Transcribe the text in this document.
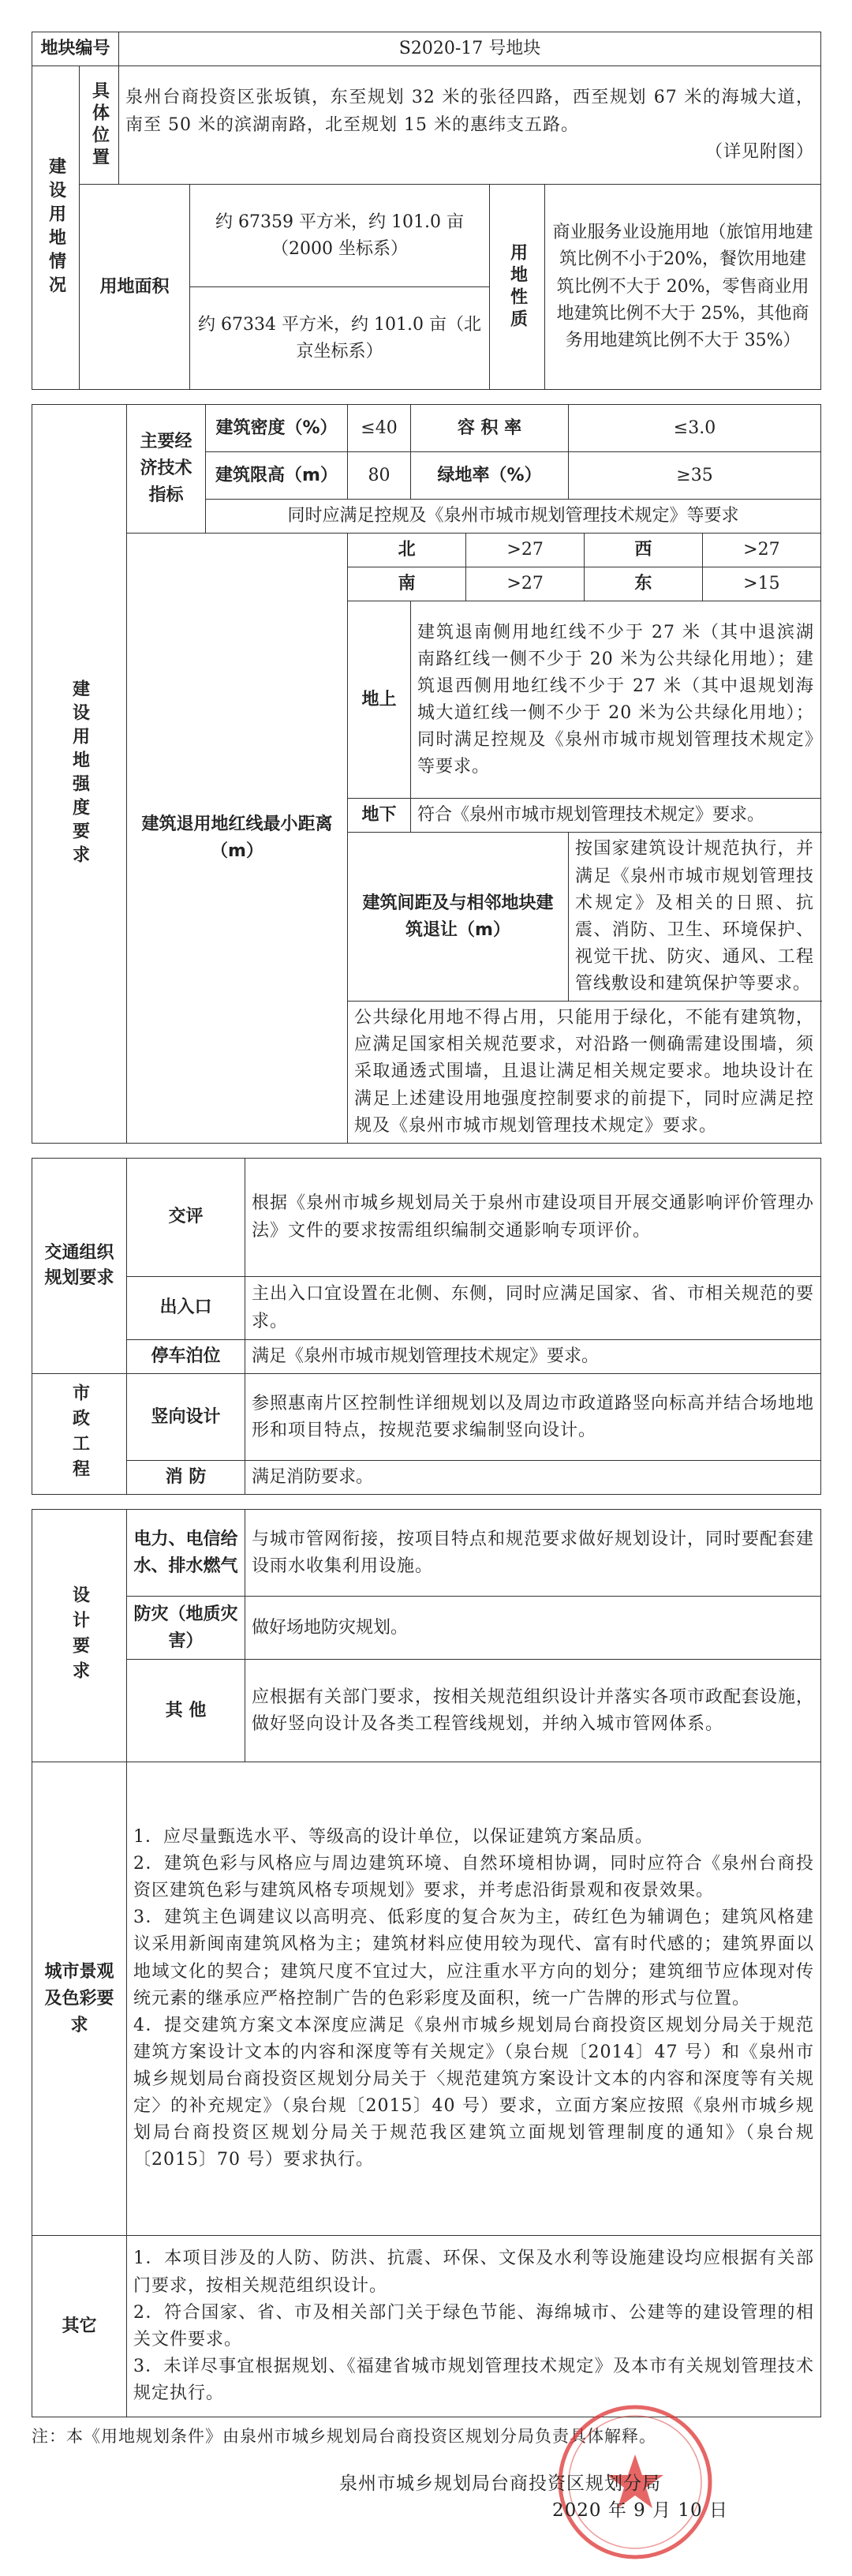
地块编号		S2020-17 号地块			
建设用地情况	具体位置	泉州台商投资区张坂镇，东至规划 32 米的张径四路，西至规划 67 米的海城大道，南至 50 米的滨湖南路，北至规划 15 米的惠纬支五路。
（详见附图）			

	用地面积		约 67359 平方米，约 101.0 亩（2000 坐标系）	用地性质	商业服务业设施用地（旅馆用地建筑比例不小于20%，餐饮用地建筑比例不大于 20%，零售商业用地建筑比例不大于 25%，其他商务用地建筑比例不大于 35%）
			约 67334 平方米，约 101.0 亩（北京坐标系）		
建设用地强度要求	主要经济技术指标	建筑密度（%）	≤40	容 积 率	≤3.0
建筑限高（m）	80	绿地率（%）	≥35
同时应满足控规及《泉州市城市规划管理技术规定》等要求
建筑退用地红线最小距离（m）	
北	>27	西	>27
南	>27	东	>15

地上	建筑退南侧用地红线不少于 27 米（其中退滨湖南路红线一侧不少于 20 米为公共绿化用地）；建筑退西侧用地红线不少于 27 米（其中退规划海城大道红线一侧不少于 20 米为公共绿化用地）；同时满足控规及《泉州市城市规划管理技术规定》等要求。
地下	符合《泉州市城市规划管理技术规定》要求。
建筑间距及与相邻地块建筑退让（m）	按国家建筑设计规范执行，并满足《泉州市城市规划管理技术规定》及相关的日照、抗震、消防、卫生、环境保护、视觉干扰、防灾、通风、工程管线敷设和建筑保护等要求。
公共绿化用地不得占用，只能用于绿化，不能有建筑物，应满足国家相关规范要求，对沿路一侧确需建设围墙，须采取通透式围墙，且退让满足相关规定要求。地块设计在满足上述建设用地强度控制要求的前提下，同时应满足控规及《泉州市城市规划管理技术规定》要求。
交通组织规划要求	交评	根据《泉州市城乡规划局关于泉州市建设项目开展交通影响评价管理办法》文件的要求按需组织编制交通影响专项评价。
	出入口	主出入口宜设置在北侧、东侧，同时应满足国家、省、市相关规范的要求。
	停车泊位	满足《泉州市城市规划管理技术规定》要求。
市政工程	竖向设计	参照惠南片区控制性详细规划以及周边市政道路竖向标高并结合场地地形和项目特点，按规范要求编制竖向设计。
	消 防	满足消防要求。
设计要求	电力、电信给水、排水燃气	与城市管网衔接，按项目特点和规范要求做好规划设计，同时要配套建设雨水收集利用设施。
	防灾（地质灾害）	做好场地防灾规划。
	其 他	应根据有关部门要求，按相关规范组织设计并落实各项市政配套设施，做好竖向设计及各类工程管线规划，并纳入城市管网体系。
城市景观及色彩要求	1．应尽量甄选水平、等级高的设计单位，以保证建筑方案品质。
2．建筑色彩与风格应与周边建筑环境、自然环境相协调，同时应符合《泉州台商投资区建筑色彩与建筑风格专项规划》要求，并考虑沿街景观和夜景效果。
3．建筑主色调建议以高明亮、低彩度的复合灰为主，砖红色为辅调色；建筑风格建议采用新闽南建筑风格为主；建筑材料应使用较为现代、富有时代感的；建筑界面以地域文化的契合；建筑尺度不宜过大，应注重水平方向的划分；建筑细节应体现对传统元素的继承应严格控制广告的色彩彩度及面积，统一广告牌的形式与位置。
4．提交建筑方案文本深度应满足《泉州市城乡规划局台商投资区规划分局关于规范建筑方案设计文本的内容和深度等有关规定》（泉台规〔2014〕47 号）和《泉州市城乡规划局台商投资区规划分局关于〈规范建筑方案设计文本的内容和深度等有关规定〉的补充规定》（泉台规〔2015〕40 号）要求，立面方案应按照《泉州市城乡规划局台商投资区规划分局关于规范我区建筑立面规划管理制度的通知》（泉台规〔2015〕70 号）要求执行。	

其它	1．本项目涉及的人防、防洪、抗震、环保、文保及水利等设施建设均应根据有关部门要求，按相关规范组织设计。
2．符合国家、省、市及相关部门关于绿色节能、海绵城市、公建等的建设管理的相关文件要求。
3．未详尽事宜根据规划、《福建省城市规划管理技术规定》及本市有关规划管理技术规定执行。	
注：本《用地规划条件》由泉州市城乡规划局台商投资区规划分局负责具体解释。
泉州市城乡规划局台商投资区规划分局
2020 年 9 月 10 日
